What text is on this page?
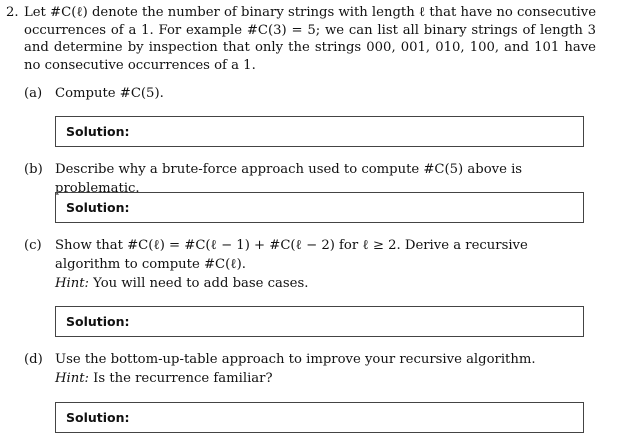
2. Let #C(ℓ) denote the number of binary strings with length ℓ that have no consecutive occurrences of a 1. For example #C(3) = 5; we can list all binary strings of length 3 and determine by inspection that only the strings 000, 001, 010, 100, and 101 have no consecutive occurrences of a 1.
(a) Compute #C(5).
Solution:
(b) Describe why a brute-force approach used to compute #C(5) above is problematic.
Solution:
(c) Show that #C(ℓ) = #C(ℓ − 1) + #C(ℓ − 2) for ℓ ≥ 2. Derive a recursive algorithm to compute #C(ℓ).
Hint: You will need to add base cases.
Solution:
(d) Use the bottom-up-table approach to improve your recursive algorithm.
Hint: Is the recurrence familiar?
Solution:
